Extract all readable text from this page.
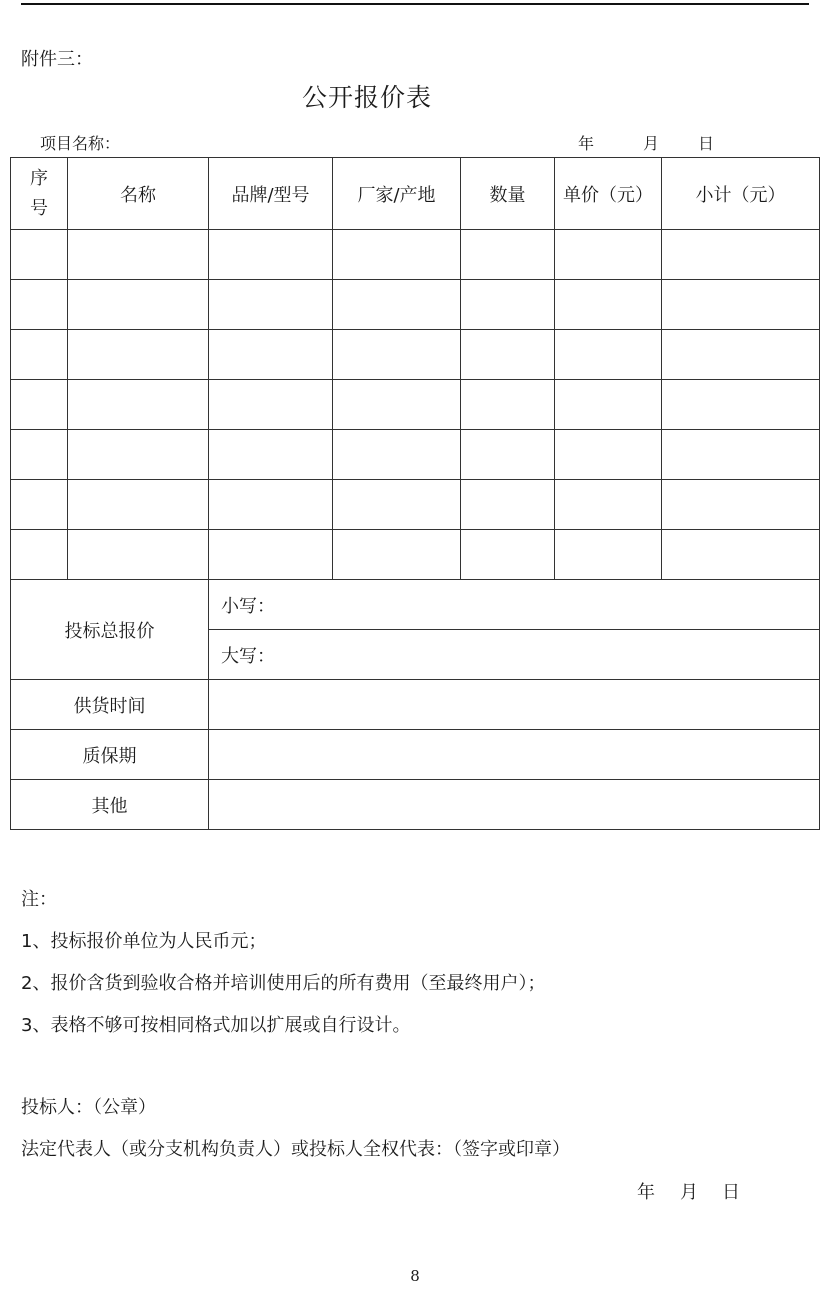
附件三：
公开报价表
项目名称：	年	月 日
序号	名称	品牌/型号	厂家/产地	数量	单价（元）	小计（元）

投标总报价		小写：				
		大写：				
供货时间						
质保期						
其他						
注：
1、投标报价单位为人民币元；
2、报价含货到验收合格并培训使用后的所有费用（至最终用户）；
3、表格不够可按相同格式加以扩展或自行设计。
投标人：（公章）
法定代表人（或分支机构负责人）或投标人全权代表：（签字或印章）
年 月 日
8
